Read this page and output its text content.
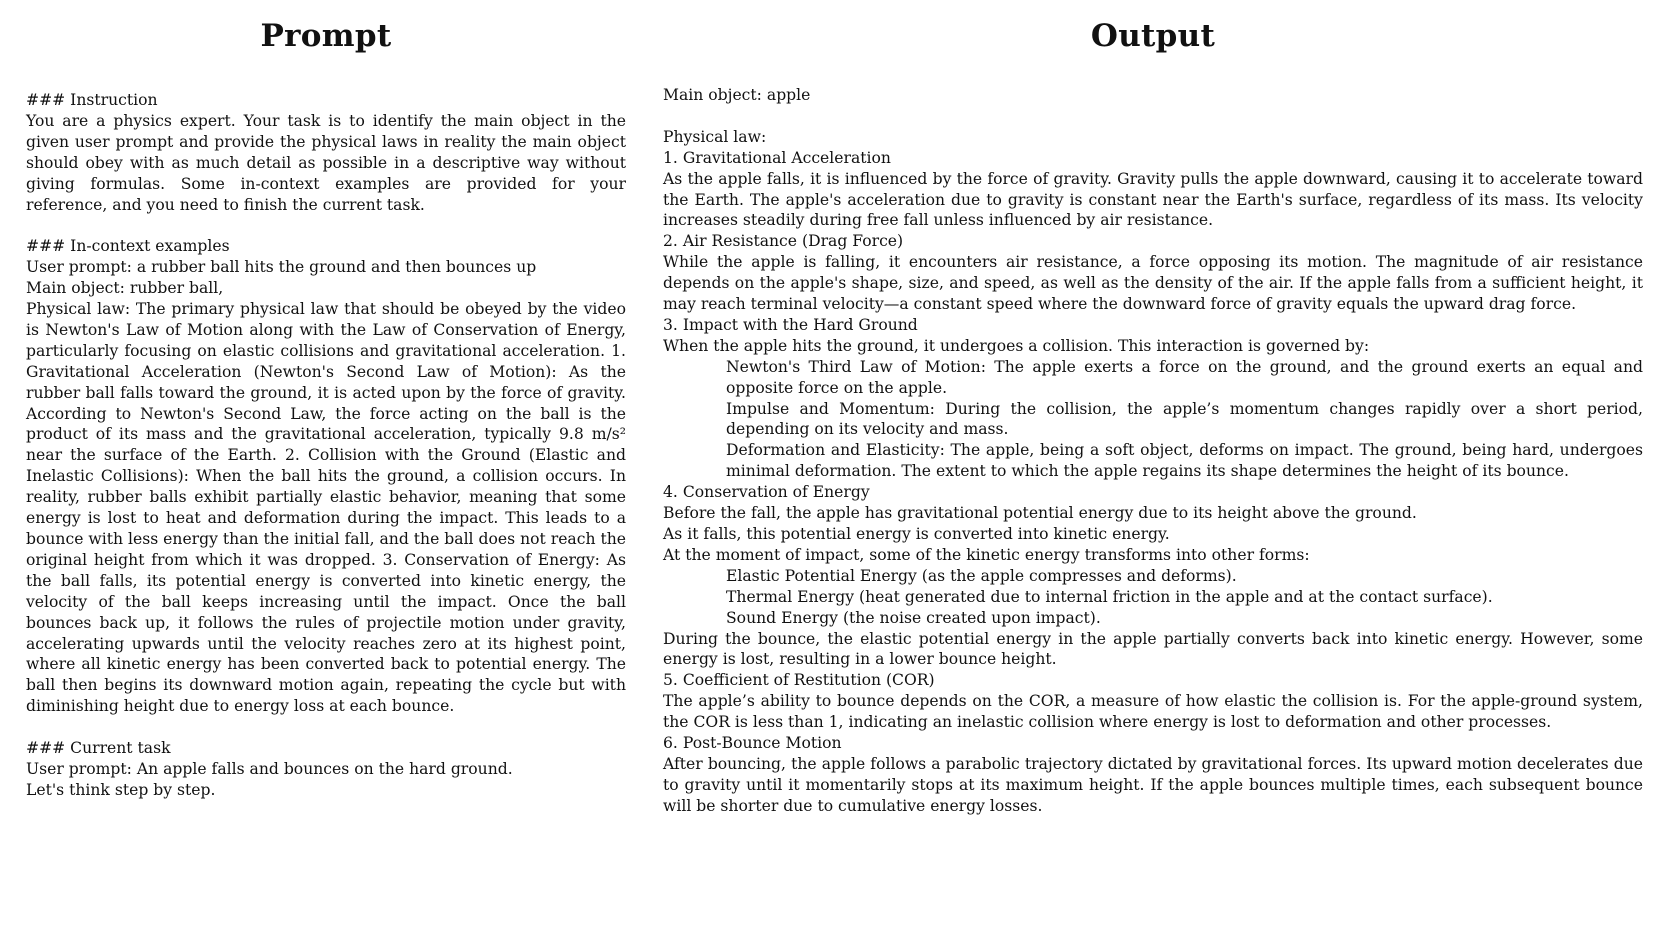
Prompt

### Instruction

You are a physics expert. Your task is to identify the main object in the given user prompt and provide the physical laws in reality the main object should obey with as much detail as possible in a descriptive way without giving formulas. Some in-context examples are provided for your reference, and you need to finish the current task.

### In-context examples

User prompt: a rubber ball hits the ground and then bounces up

Main object: rubber ball,

Physical law: The primary physical law that should be obeyed by the video is Newton's Law of Motion along with the Law of Conservation of Energy, particularly focusing on elastic collisions and gravitational acceleration. 1. Gravitational Acceleration (Newton's Second Law of Motion): As the rubber ball falls toward the ground, it is acted upon by the force of gravity. According to Newton's Second Law, the force acting on the ball is the product of its mass and the gravitational acceleration, typically 9.8 m/s² near the surface of the Earth. 2. Collision with the Ground (Elastic and Inelastic Collisions): When the ball hits the ground, a collision occurs. In reality, rubber balls exhibit partially elastic behavior, meaning that some energy is lost to heat and deformation during the impact. This leads to a bounce with less energy than the initial fall, and the ball does not reach the original height from which it was dropped. 3. Conservation of Energy: As the ball falls, its potential energy is converted into kinetic energy, the velocity of the ball keeps increasing until the impact. Once the ball bounces back up, it follows the rules of projectile motion under gravity, accelerating upwards until the velocity reaches zero at its highest point, where all kinetic energy has been converted back to potential energy. The ball then begins its downward motion again, repeating the cycle but with diminishing height due to energy loss at each bounce.

### Current task

User prompt: An apple falls and bounces on the hard ground.

Let's think step by step.

Output

Main object: apple

Physical law:

1. Gravitational Acceleration

As the apple falls, it is influenced by the force of gravity. Gravity pulls the apple downward, causing it to accelerate toward the Earth. The apple's acceleration due to gravity is constant near the Earth's surface, regardless of its mass. Its velocity increases steadily during free fall unless influenced by air resistance.

2. Air Resistance (Drag Force)

While the apple is falling, it encounters air resistance, a force opposing its motion. The magnitude of air resistance depends on the apple's shape, size, and speed, as well as the density of the air. If the apple falls from a sufficient height, it may reach terminal velocity—a constant speed where the downward force of gravity equals the upward drag force.

3. Impact with the Hard Ground

When the apple hits the ground, it undergoes a collision. This interaction is governed by:

Newton's Third Law of Motion: The apple exerts a force on the ground, and the ground exerts an equal and opposite force on the apple.

Impulse and Momentum: During the collision, the apple’s momentum changes rapidly over a short period, depending on its velocity and mass.

Deformation and Elasticity: The apple, being a soft object, deforms on impact. The ground, being hard, undergoes minimal deformation. The extent to which the apple regains its shape determines the height of its bounce.

4. Conservation of Energy

Before the fall, the apple has gravitational potential energy due to its height above the ground.

As it falls, this potential energy is converted into kinetic energy.

At the moment of impact, some of the kinetic energy transforms into other forms:

Elastic Potential Energy (as the apple compresses and deforms).

Thermal Energy (heat generated due to internal friction in the apple and at the contact surface).

Sound Energy (the noise created upon impact).

During the bounce, the elastic potential energy in the apple partially converts back into kinetic energy. However, some energy is lost, resulting in a lower bounce height.

5. Coefficient of Restitution (COR)

The apple’s ability to bounce depends on the COR, a measure of how elastic the collision is. For the apple-ground system, the COR is less than 1, indicating an inelastic collision where energy is lost to deformation and other processes.

6. Post-Bounce Motion

After bouncing, the apple follows a parabolic trajectory dictated by gravitational forces. Its upward motion decelerates due to gravity until it momentarily stops at its maximum height. If the apple bounces multiple times, each subsequent bounce will be shorter due to cumulative energy losses.
